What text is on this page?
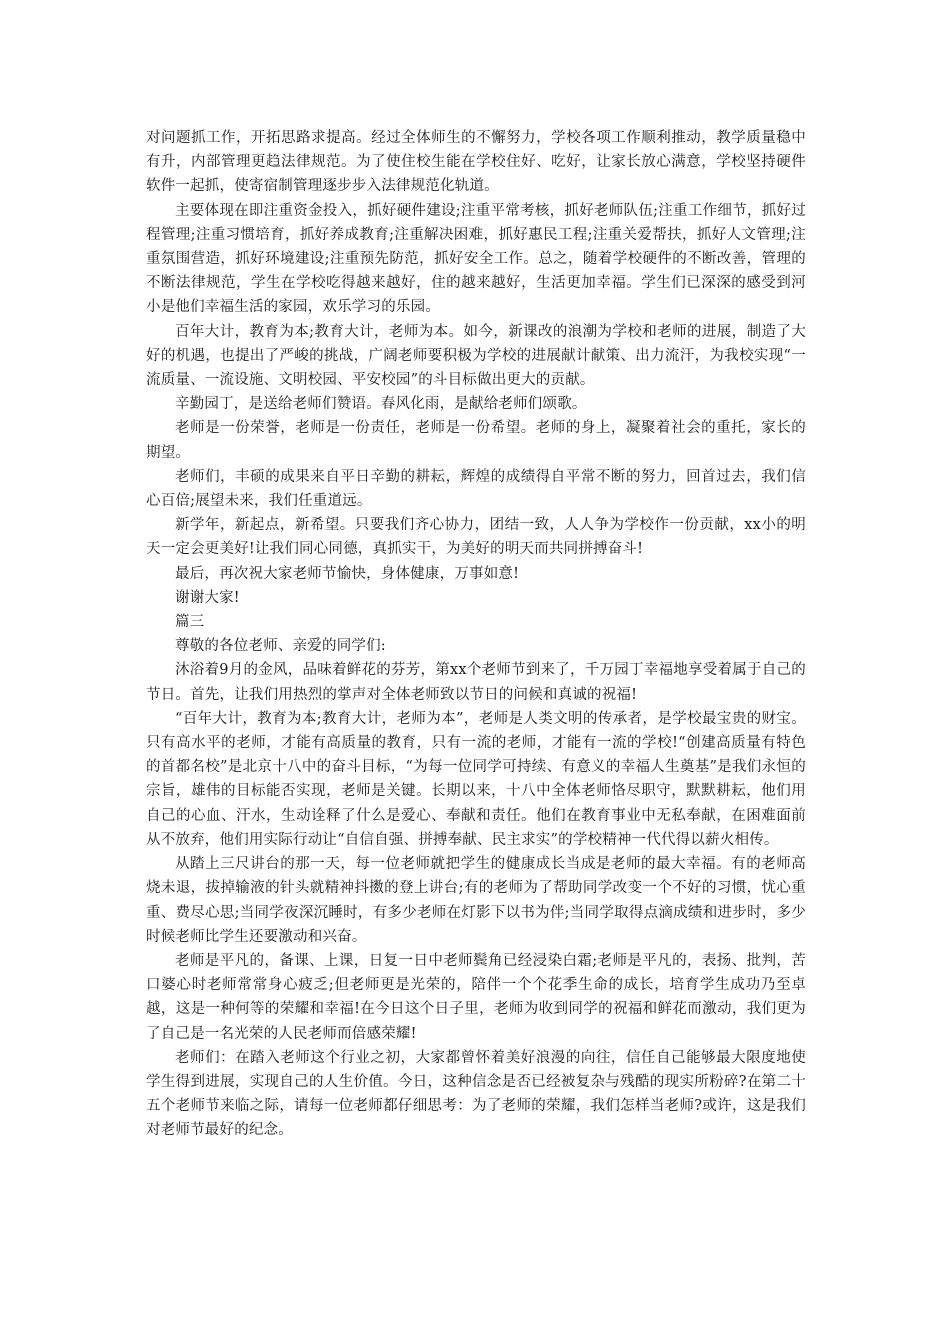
对问题抓工作，开拓思路求提高。经过全体师生的不懈努力，学校各项工作顺利推动，教学质量稳中有升，内部管理更趋法律规范。为了使住校生能在学校住好、吃好，让家长放心满意，学校坚持硬件软件一起抓，使寄宿制管理逐步步入法律规范化轨道。

主要体现在即注重资金投入，抓好硬件建设;注重平常考核，抓好老师队伍;注重工作细节，抓好过程管理;注重习惯培育，抓好养成教育;注重解决困难，抓好惠民工程;注重关爱帮扶，抓好人文管理;注重氛围营造，抓好环境建设;注重预先防范，抓好安全工作。总之，随着学校硬件的不断改善，管理的不断法律规范，学生在学校吃得越来越好，住的越来越好，生活更加幸福。学生们已深深的感受到河小是他们幸福生活的家园，欢乐学习的乐园。

百年大计，教育为本;教育大计，老师为本。如今，新课改的浪潮为学校和老师的进展，制造了大好的机遇，也提出了严峻的挑战，广阔老师要积极为学校的进展献计献策、出力流汗，为我校实现“一流质量、一流设施、文明校园、平安校园”的斗目标做出更大的贡献。

辛勤园丁，是送给老师们赞语。春风化雨，是献给老师们颂歌。

老师是一份荣誉，老师是一份责任，老师是一份希望。老师的身上，凝聚着社会的重托，家长的期望。

老师们，丰硕的成果来自平日辛勤的耕耘，辉煌的成绩得自平常不断的努力，回首过去，我们信心百倍;展望未来，我们任重道远。

新学年，新起点，新希望。只要我们齐心协力，团结一致，人人争为学校作一份贡献，xx小的明天一定会更美好!让我们同心同德，真抓实干，为美好的明天而共同拼搏奋斗!

最后，再次祝大家老师节愉快，身体健康，万事如意!

谢谢大家!

篇三

尊敬的各位老师、亲爱的同学们:

沐浴着9月的金风，品味着鲜花的芬芳，第xx个老师节到来了，千万园丁幸福地享受着属于自己的节日。首先，让我们用热烈的掌声对全体老师致以节日的问候和真诚的祝福!

“百年大计，教育为本;教育大计，老师为本”，老师是人类文明的传承者，是学校最宝贵的财宝。只有高水平的老师，才能有高质量的教育，只有一流的老师，才能有一流的学校!“创建高质量有特色的首都名校”是北京十八中的奋斗目标，“为每一位同学可持续、有意义的幸福人生奠基”是我们永恒的宗旨，雄伟的目标能否实现，老师是关键。长期以来，十八中全体老师恪尽职守，默默耕耘，他们用自己的心血、汗水，生动诠释了什么是爱心、奉献和责任。他们在教育事业中无私奉献，在困难面前从不放弃，他们用实际行动让“自信自强、拼搏奉献、民主求实”的学校精神一代代得以薪火相传。

从踏上三尺讲台的那一天，每一位老师就把学生的健康成长当成是老师的最大幸福。有的老师高烧未退，拔掉输液的针头就精神抖擞的登上讲台;有的老师为了帮助同学改变一个不好的习惯，忧心重重、费尽心思;当同学夜深沉睡时，有多少老师在灯影下以书为伴;当同学取得点滴成绩和进步时，多少时候老师比学生还要激动和兴奋。

老师是平凡的，备课、上课，日复一日中老师鬓角已经浸染白霜;老师是平凡的，表扬、批判，苦口婆心时老师常常身心疲乏;但老师更是光荣的，陪伴一个个花季生命的成长，培育学生成功乃至卓越，这是一种何等的荣耀和幸福!在今日这个日子里，老师为收到同学的祝福和鲜花而激动，我们更为了自己是一名光荣的人民老师而倍感荣耀!

老师们：在踏入老师这个行业之初，大家都曾怀着美好浪漫的向往，信任自己能够最大限度地使学生得到进展，实现自己的人生价值。今日，这种信念是否已经被复杂与残酷的现实所粉碎?在第二十五个老师节来临之际，请每一位老师都仔细思考：为了老师的荣耀，我们怎样当老师?或许，这是我们对老师节最好的纪念。
